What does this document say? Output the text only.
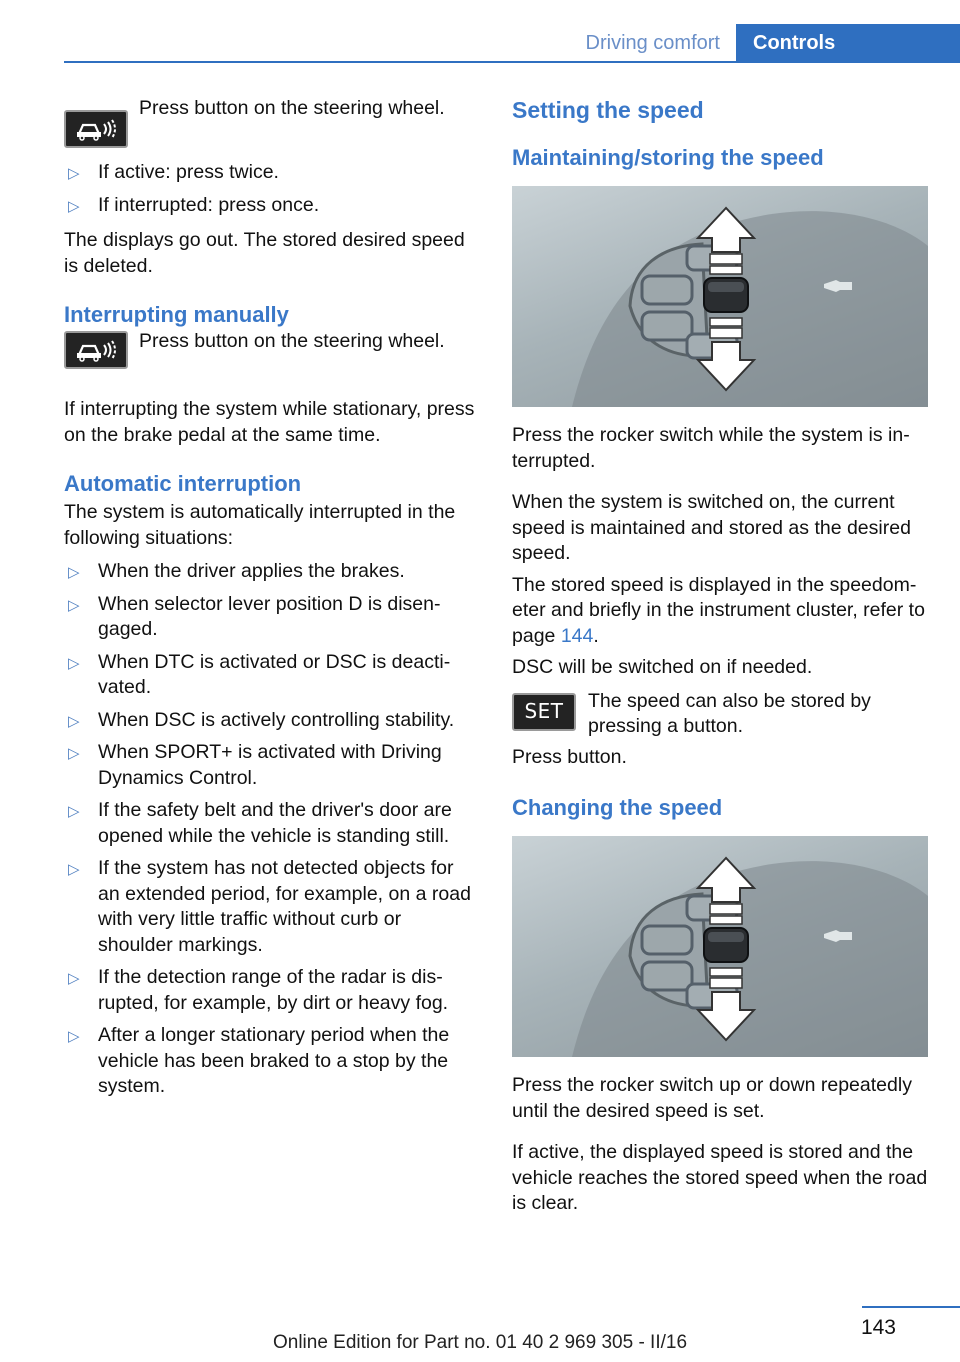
Driving comfort	Controls

Press button on the steering wheel.

▷ If active: press twice.
▷ If interrupted: press once.

The displays go out. The stored desired speed is deleted.

Interrupting manually

Press button on the steering wheel.

If interrupting the system while stationary, press on the brake pedal at the same time.

Automatic interruption

The system is automatically interrupted in the following situations:

▷ When the driver applies the brakes.
▷ When selector lever position D is disengaged.
▷ When DTC is activated or DSC is deactivated.
▷ When DSC is actively controlling stability.
▷ When SPORT+ is activated with Driving Dynamics Control.
▷ If the safety belt and the driver's door are opened while the vehicle is standing still.
▷ If the system has not detected objects for an extended period, for example, on a road with very little traffic without curb or shoulder markings.
▷ If the detection range of the radar is disrupted, for example, by dirt or heavy fog.
▷ After a longer stationary period when the vehicle has been braked to a stop by the system.
Setting the speed
Maintaining/storing the speed

Press the rocker switch while the system is interrupted.

When the system is switched on, the current speed is maintained and stored as the desired speed.

The stored speed is displayed in the speedometer and briefly in the instrument cluster, refer to page 144.

DSC will be switched on if needed.

SET	The speed can also be stored by pressing a button.

Press button.

Changing the speed

Press the rocker switch up or down repeatedly until the desired speed is set.

If active, the displayed speed is stored and the vehicle reaches the stored speed when the road is clear.

143
Online Edition for Part no. 01 40 2 969 305 - II/16
